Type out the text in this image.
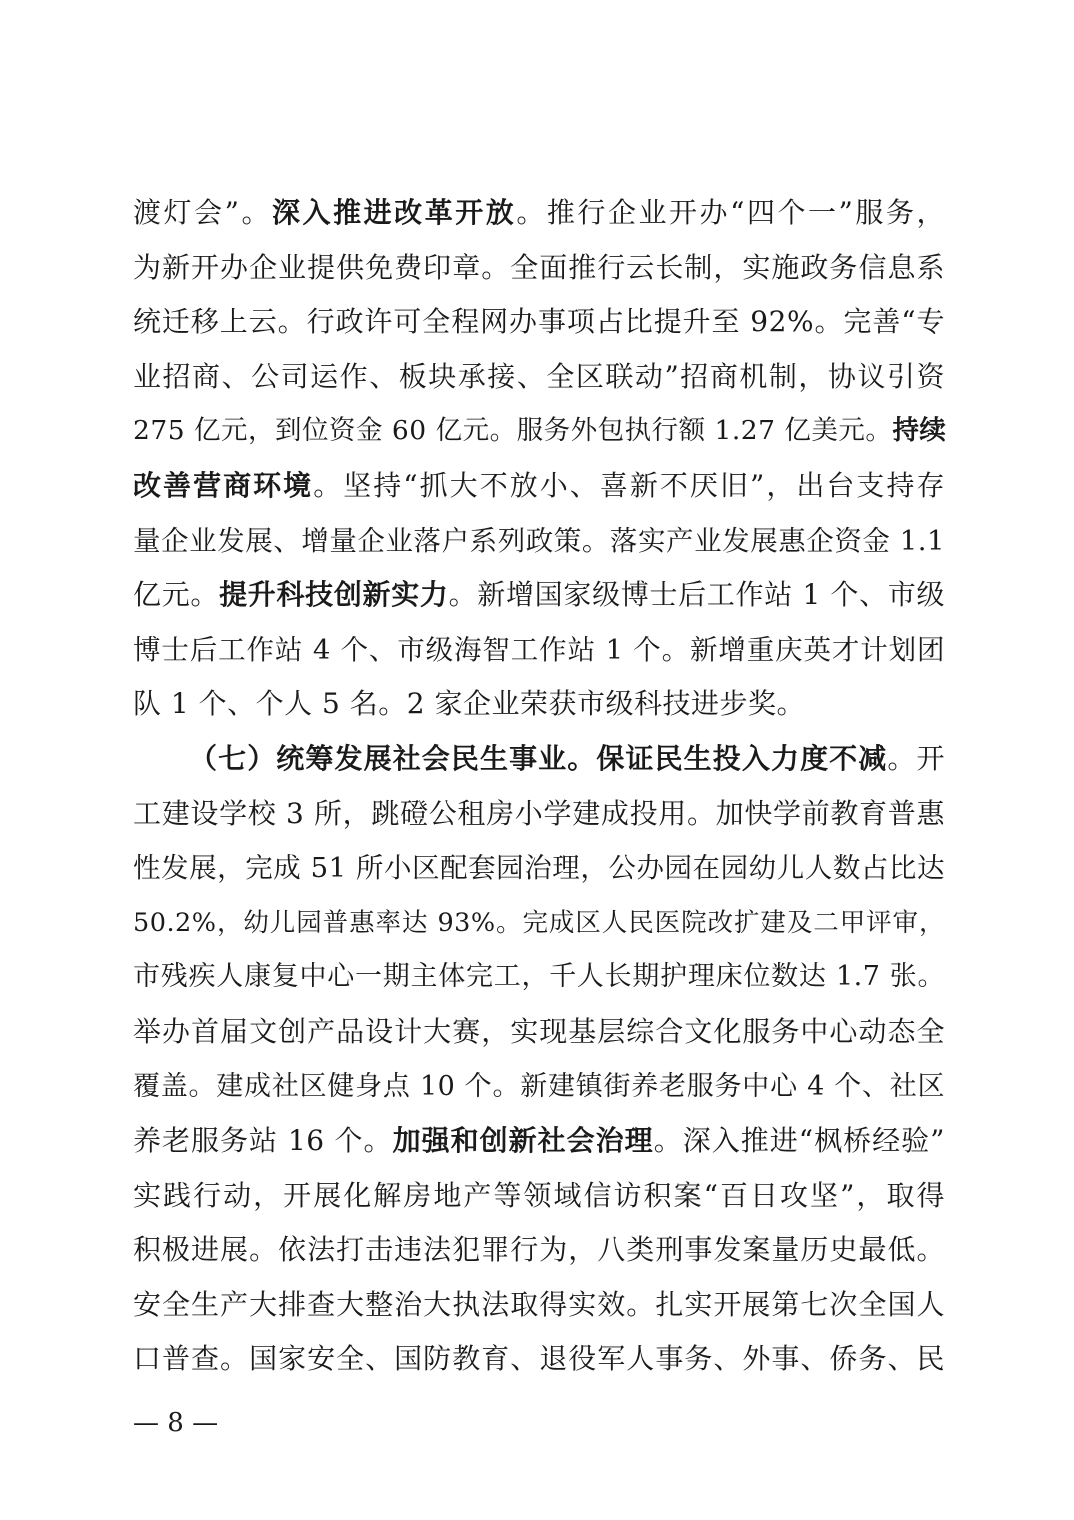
渡灯会”。深入推进改革开放。推行企业开办“四个一”服务，
为新开办企业提供免费印章。全面推行云长制，实施政务信息系
统迁移上云。行政许可全程网办事项占比提升至 92%。完善“专
业招商、公司运作、板块承接、全区联动”招商机制，协议引资
275 亿元，到位资金 60 亿元。服务外包执行额 1.27 亿美元。持续
改善营商环境。坚持“抓大不放小、喜新不厌旧”，出台支持存
量企业发展、增量企业落户系列政策。落实产业发展惠企资金 1.1
亿元。提升科技创新实力。新增国家级博士后工作站 1 个、市级
博士后工作站 4 个、市级海智工作站 1 个。新增重庆英才计划团
队 1 个、个人 5 名。2 家企业荣获市级科技进步奖。
（七）统筹发展社会民生事业。保证民生投入力度不减。开
工建设学校 3 所，跳磴公租房小学建成投用。加快学前教育普惠
性发展，完成 51 所小区配套园治理，公办园在园幼儿人数占比达
50.2%，幼儿园普惠率达 93%。完成区人民医院改扩建及二甲评审，
市残疾人康复中心一期主体完工，千人长期护理床位数达 1.7 张。
举办首届文创产品设计大赛，实现基层综合文化服务中心动态全
覆盖。建成社区健身点 10 个。新建镇街养老服务中心 4 个、社区
养老服务站 16 个。加强和创新社会治理。深入推进“枫桥经验”
实践行动，开展化解房地产等领域信访积案“百日攻坚”，取得
积极进展。依法打击违法犯罪行为，八类刑事发案量历史最低。
安全生产大排查大整治大执法取得实效。扎实开展第七次全国人
口普查。国家安全、国防教育、退役军人事务、外事、侨务、民
— 8 —
